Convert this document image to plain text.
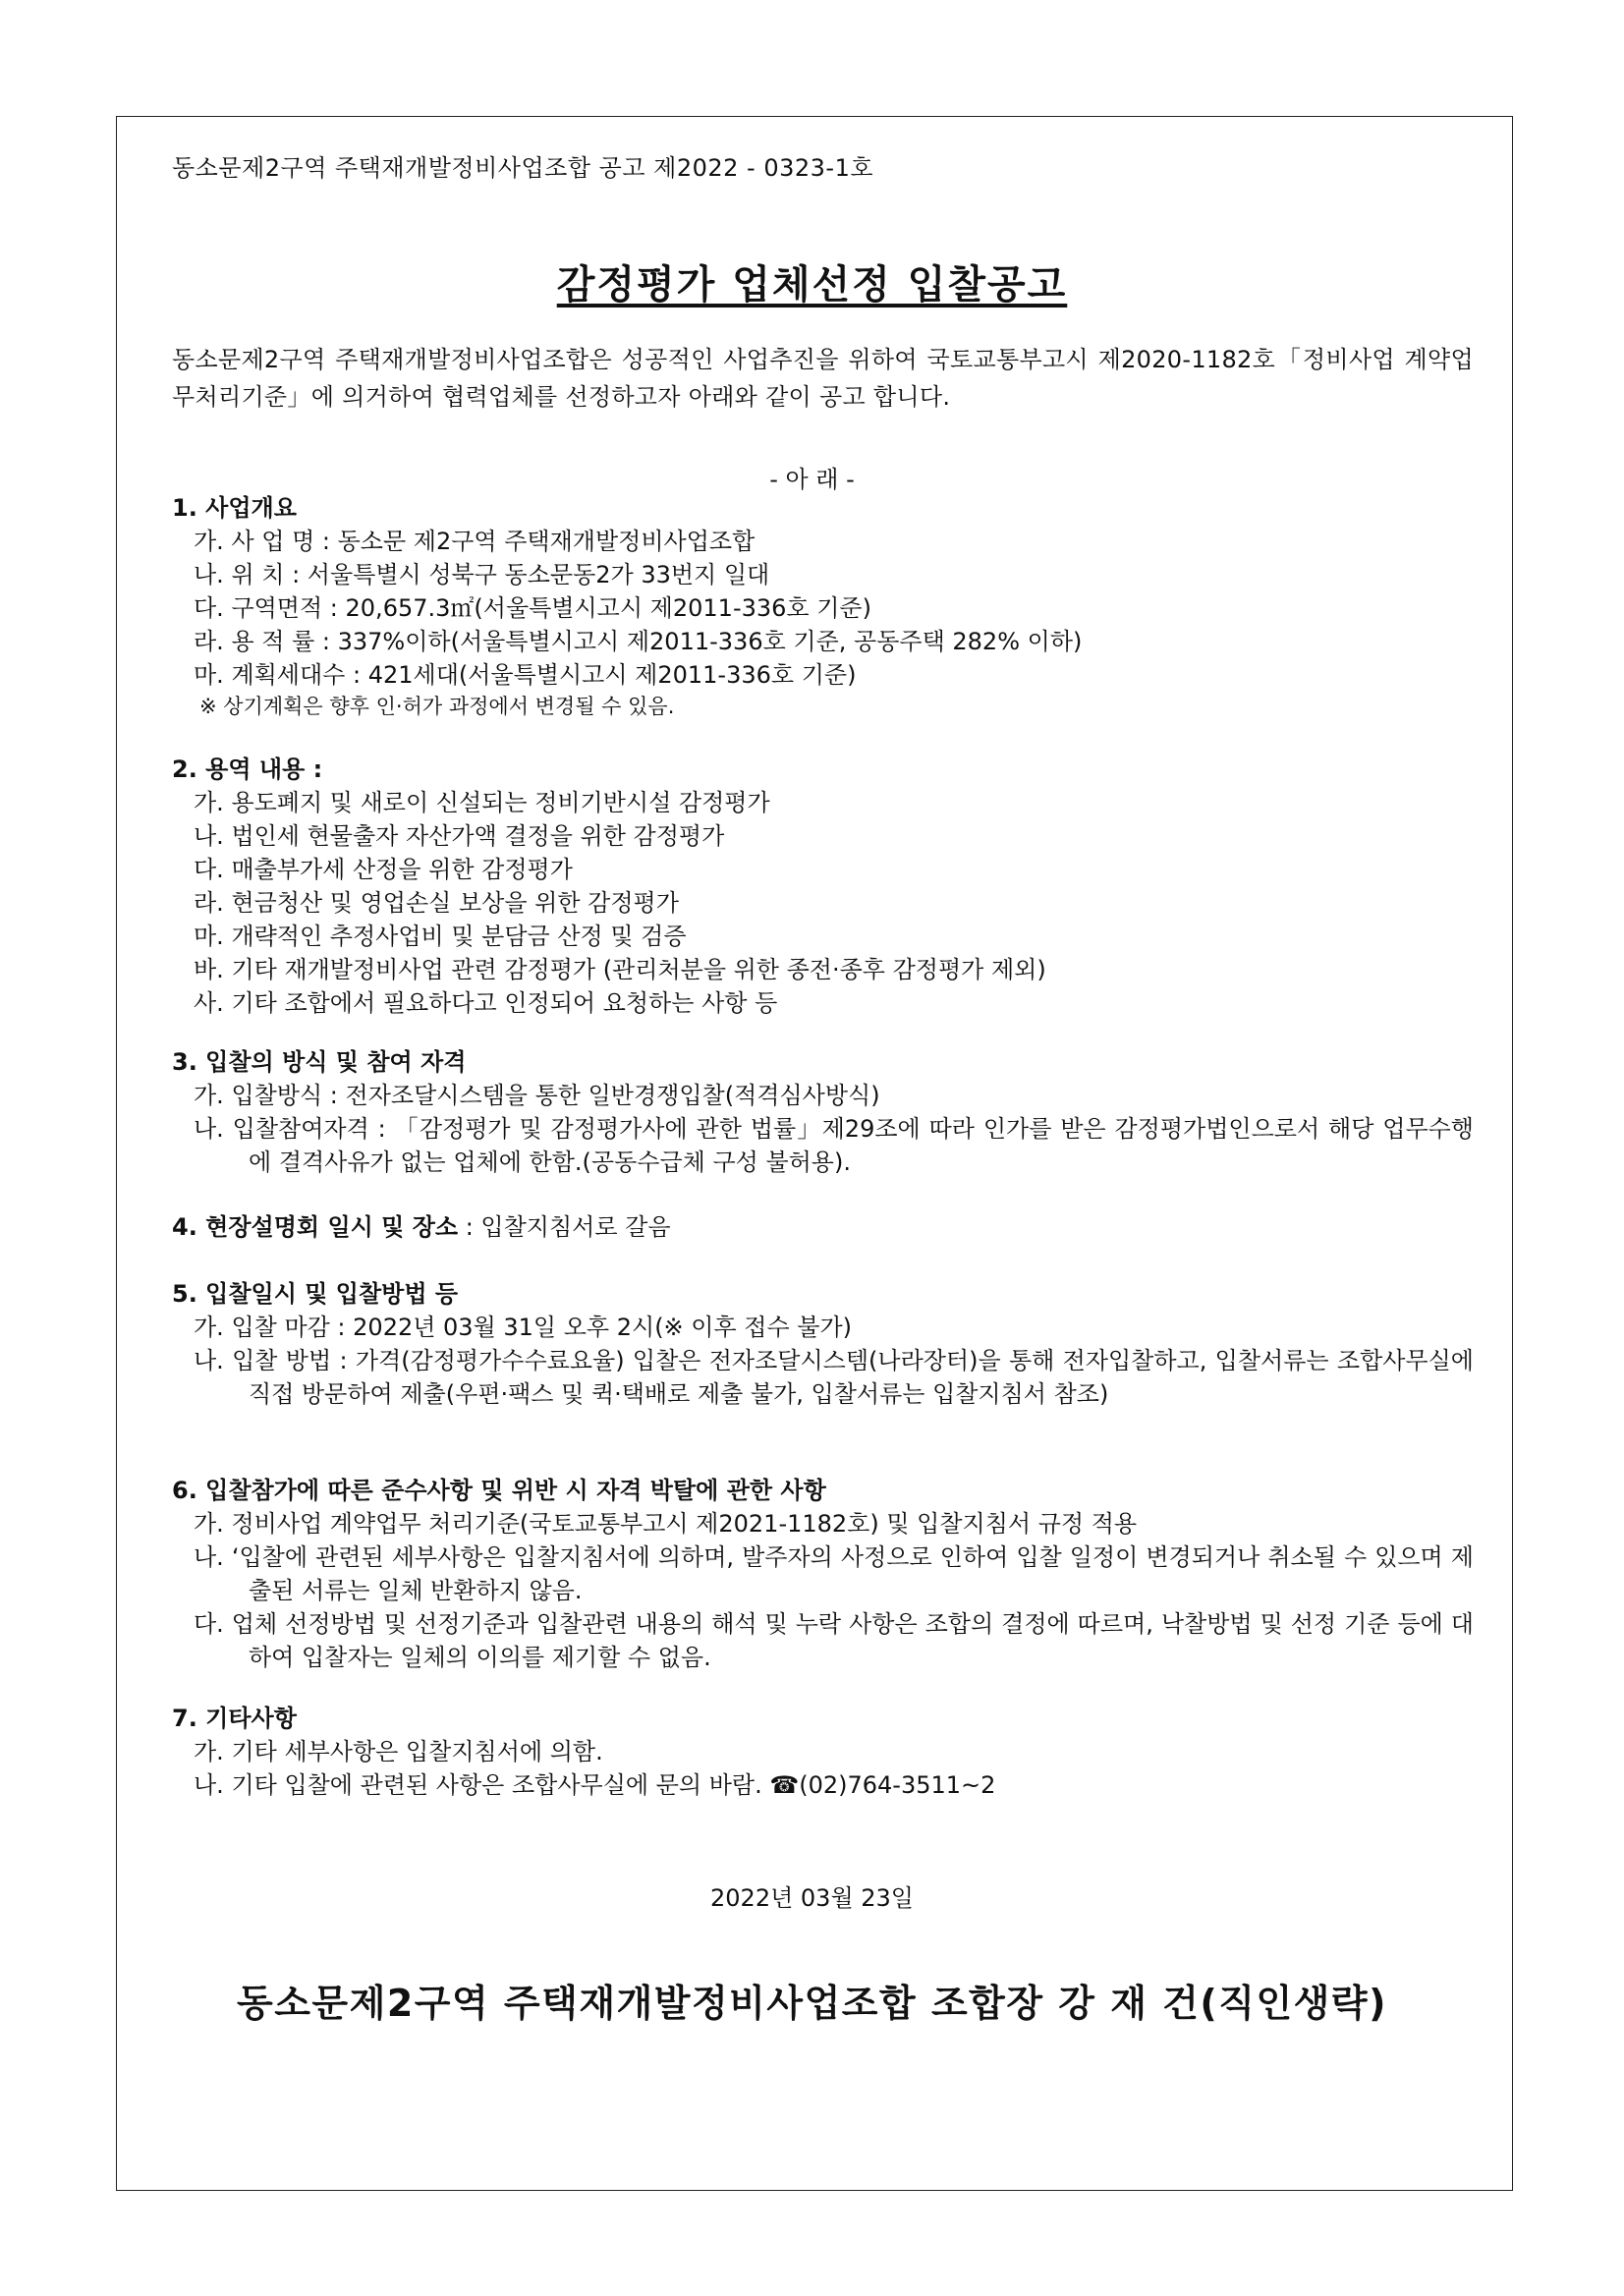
동소문제2구역 주택재개발정비사업조합 공고 제2022 - 0323-1호
감정평가 업체선정 입찰공고
동소문제2구역 주택재개발정비사업조합은 성공적인 사업추진을 위하여 국토교통부고시 제2020-1182호「정비사업 계약업무처리기준」에 의거하여 협력업체를 선정하고자 아래와 같이 공고 합니다.
- 아 래 -
1. 사업개요
가. 사 업 명 : 동소문 제2구역 주택재개발정비사업조합
나. 위 치 : 서울특별시 성북구 동소문동2가 33번지 일대
다. 구역면적 : 20,657.3㎡(서울특별시고시 제2011-336호 기준)
라. 용 적 률 : 337%이하(서울특별시고시 제2011-336호 기준, 공동주택 282% 이하)
마. 계획세대수 : 421세대(서울특별시고시 제2011-336호 기준)
※ 상기계획은 향후 인·허가 과정에서 변경될 수 있음.
2. 용역 내용 :
가. 용도폐지 및 새로이 신설되는 정비기반시설 감정평가
나. 법인세 현물출자 자산가액 결정을 위한 감정평가
다. 매출부가세 산정을 위한 감정평가
라. 현금청산 및 영업손실 보상을 위한 감정평가
마. 개략적인 추정사업비 및 분담금 산정 및 검증
바. 기타 재개발정비사업 관련 감정평가 (관리처분을 위한 종전·종후 감정평가 제외)
사. 기타 조합에서 필요하다고 인정되어 요청하는 사항 등
3. 입찰의 방식 및 참여 자격
가. 입찰방식 : 전자조달시스템을 통한 일반경쟁입찰(적격심사방식)
나. 입찰참여자격 : 「감정평가 및 감정평가사에 관한 법률」제29조에 따라 인가를 받은 감정평가법인으로서 해당 업무수행에 결격사유가 없는 업체에 한함.(공동수급체 구성 불허용).
4. 현장설명회 일시 및 장소 : 입찰지침서로 갈음
5. 입찰일시 및 입찰방법 등
가. 입찰 마감 : 2022년 03월 31일 오후 2시(※ 이후 접수 불가)
나. 입찰 방법 : 가격(감정평가수수료요율) 입찰은 전자조달시스템(나라장터)을 통해 전자입찰하고, 입찰서류는 조합사무실에 직접 방문하여 제출(우편·팩스 및 퀵·택배로 제출 불가, 입찰서류는 입찰지침서 참조)
6. 입찰참가에 따른 준수사항 및 위반 시 자격 박탈에 관한 사항
가. 정비사업 계약업무 처리기준(국토교통부고시 제2021-1182호) 및 입찰지침서 규정 적용
나. ‘입찰에 관련된 세부사항은 입찰지침서에 의하며, 발주자의 사정으로 인하여 입찰 일정이 변경되거나 취소될 수 있으며 제출된 서류는 일체 반환하지 않음.
다. 업체 선정방법 및 선정기준과 입찰관련 내용의 해석 및 누락 사항은 조합의 결정에 따르며, 낙찰방법 및 선정 기준 등에 대하여 입찰자는 일체의 이의를 제기할 수 없음.
7. 기타사항
가. 기타 세부사항은 입찰지침서에 의함.
나. 기타 입찰에 관련된 사항은 조합사무실에 문의 바람. ☎(02)764-3511~2
2022년 03월 23일
동소문제2구역 주택재개발정비사업조합 조합장 강 재 건(직인생략)
